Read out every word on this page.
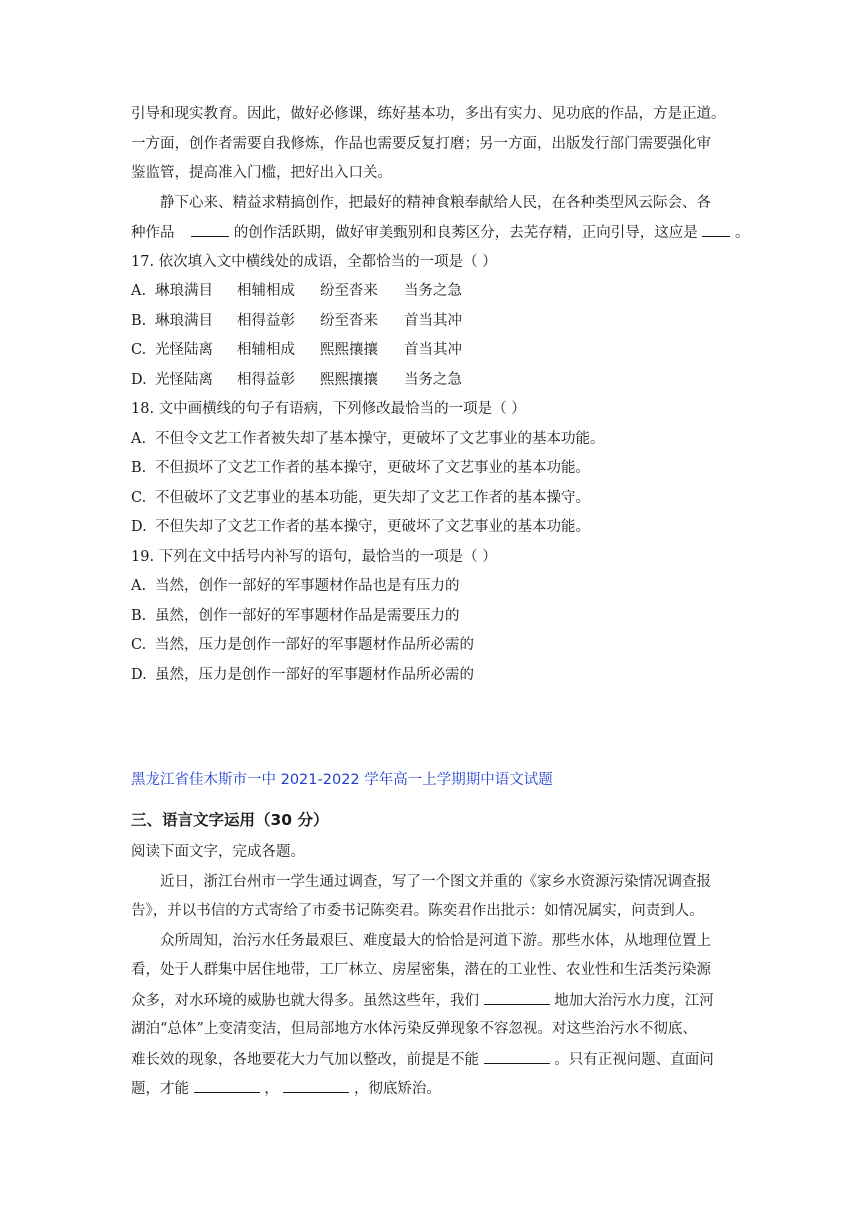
引导和现实教育。因此，做好必修课，练好基本功，多出有实力、见功底的作品，方是正道。
一方面，创作者需要自我修炼，作品也需要反复打磨；另一方面，出版发行部门需要强化审
鉴监管，提高准入门槛，把好出入口关。
静下心来、精益求精搞创作，把最好的精神食粮奉献给人民，在各种类型风云际会、各
种作品	的创作活跃期，做好审美甄别和良莠区分，去芜存精，正向引导，这应是	。
17. 依次填入文中横线处的成语，全都恰当的一项是（ ）
A. 琳琅满目 相辅相成 纷至沓来 当务之急
B. 琳琅满目 相得益彰 纷至沓来 首当其冲
C. 光怪陆离 相辅相成 熙熙攘攘 首当其冲
D. 光怪陆离 相得益彰 熙熙攘攘 当务之急
18. 文中画横线的句子有语病，下列修改最恰当的一项是（ ）
A. 不但令文艺工作者被失却了基本操守，更破坏了文艺事业的基本功能。
B. 不但损坏了文艺工作者的基本操守，更破坏了文艺事业的基本功能。
C. 不但破坏了文艺事业的基本功能，更失却了文艺工作者的基本操守。
D. 不但失却了文艺工作者的基本操守，更破坏了文艺事业的基本功能。
19. 下列在文中括号内补写的语句，最恰当的一项是（ ）
A. 当然，创作一部好的军事题材作品也是有压力的
B. 虽然，创作一部好的军事题材作品是需要压力的
C. 当然，压力是创作一部好的军事题材作品所必需的
D. 虽然，压力是创作一部好的军事题材作品所必需的
黑龙江省佳木斯市一中 2021-2022 学年高一上学期期中语文试题
三、语言文字运用（30 分）
阅读下面文字，完成各题。
近日，浙江台州市一学生通过调查，写了一个图文并重的《家乡水资源污染情况调查报
告》，并以书信的方式寄给了市委书记陈奕君。陈奕君作出批示：如情况属实，问责到人。
众所周知，治污水任务最艰巨、难度最大的恰恰是河道下游。那些水体，从地理位置上
看，处于人群集中居住地带，工厂林立、房屋密集，潜在的工业性、农业性和生活类污染源
众多，对水环境的威胁也就大得多。虽然这些年，我们	地加大治污水力度，江河
湖泊“总体”上变清变洁，但局部地方水体污染反弹现象不容忽视。对这些治污水不彻底、
难长效的现象，各地要花大力气加以整改，前提是不能	。只有正视问题、直面问
题，才能	，	，彻底矫治。
